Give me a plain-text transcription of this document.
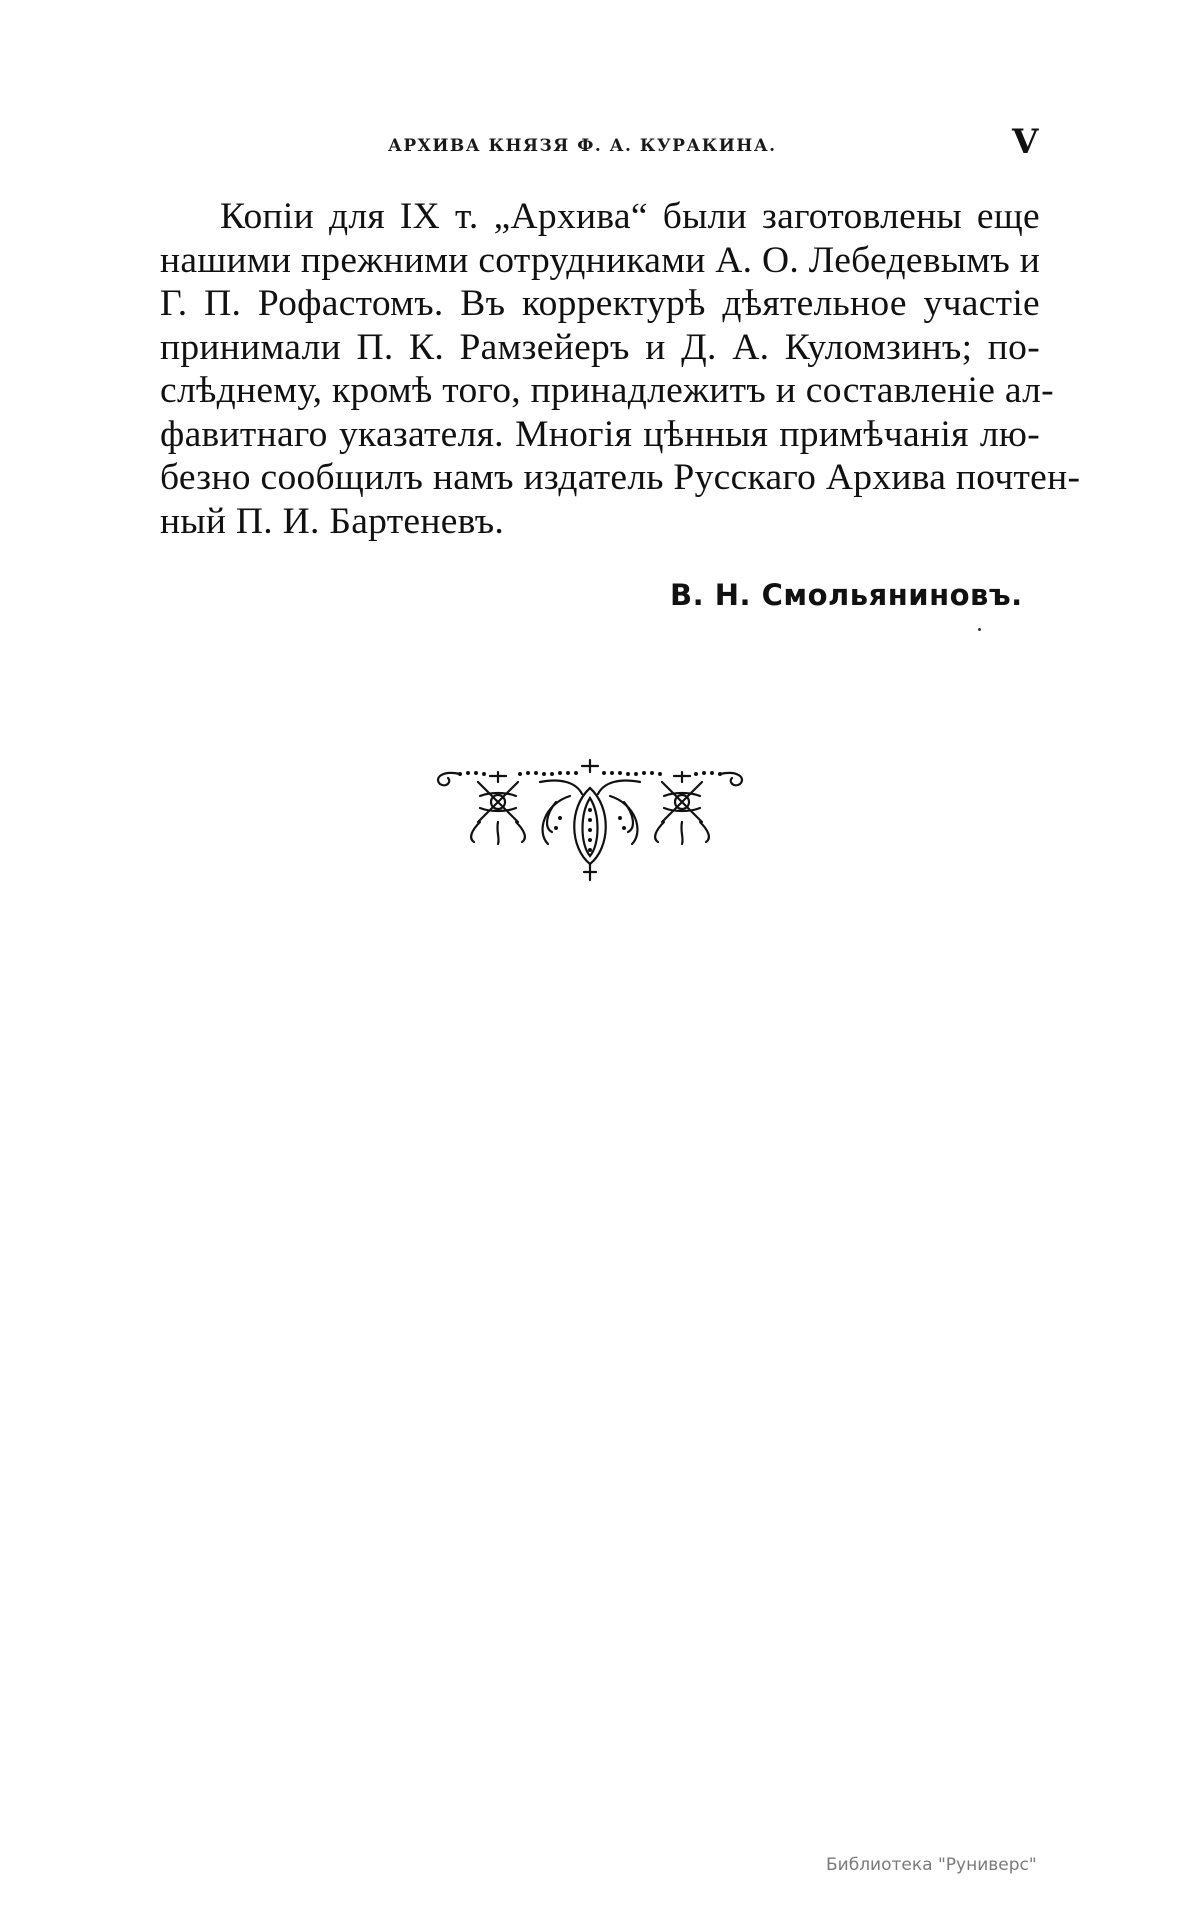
АРХИВА КНЯЗЯ Ф. А. КУРАКИНА.	V
Копіи для IX т. „Архива“ были заготовлены еще
нашими прежними сотрудниками А. О. Лебедевымъ и
Г. П. Рофастомъ. Въ корректурѣ дѣятельное участіе
принимали П. К. Рамзейеръ и Д. А. Куломзинъ; по-
слѣднему, кромѣ того, принадлежитъ и составленіе ал-
фавитнаго указателя. Многія цѣнныя примѣчанія лю-
безно сообщилъ намъ издатель Русскаго Архива почтен-
ный П. И. Бартеневъ.
В. Н. Смольяниновъ.
Библиотека "Руниверс"
